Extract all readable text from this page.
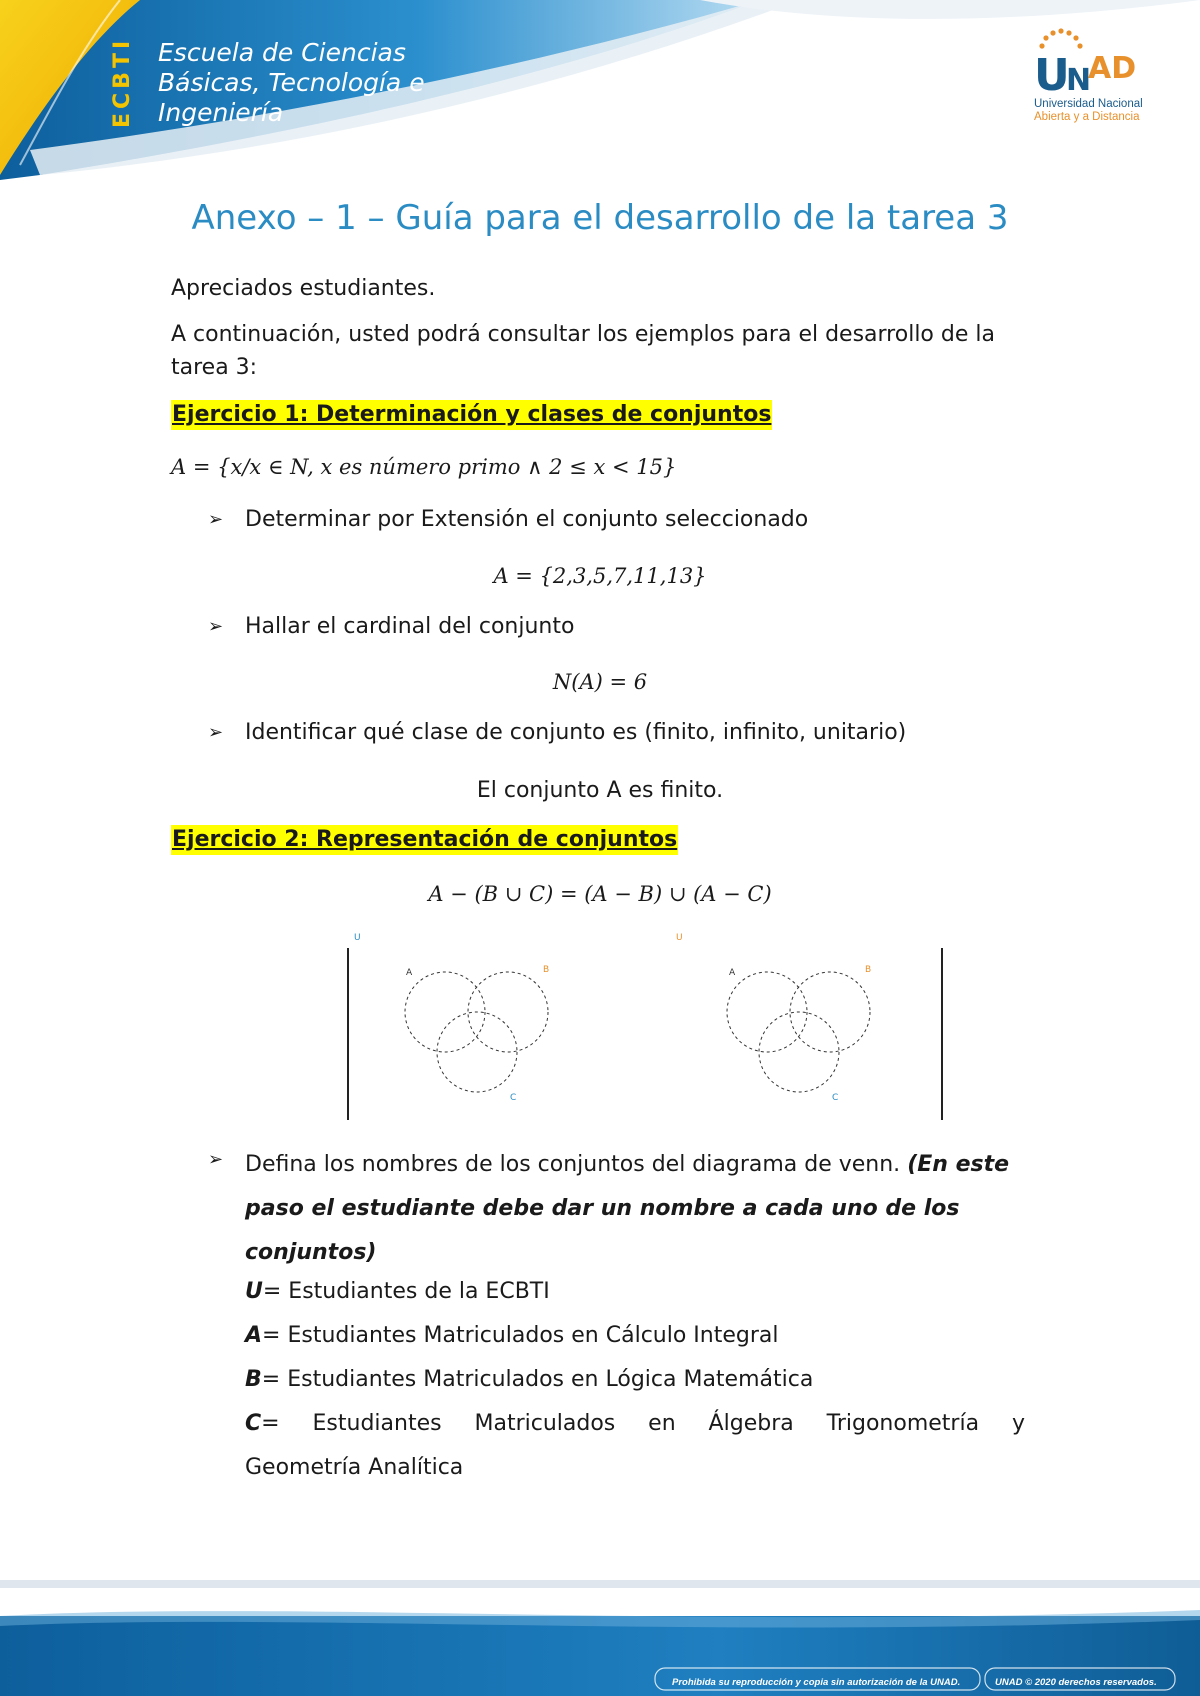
ECBTI Escuela de Ciencias
Básicas, Tecnología e
Ingeniería
U
N
AD
Universidad Nacional
Abierta y a Distancia
Anexo – 1 – Guía para el desarrollo de la tarea 3
Apreciados estudiantes.
A continuación, usted podrá consultar los ejemplos para el desarrollo de la tarea 3:
Ejercicio 1: Determinación y clases de conjuntos
A = {x/x ∈ N, x es número primo ∧ 2 ≤ x < 15}
➢ Determinar por Extensión el conjunto seleccionado
A = {2,3,5,7,11,13}
➢ Hallar el cardinal del conjunto
N(A) = 6
➢ Identificar qué clase de conjunto es (finito, infinito, unitario)
El conjunto A es finito.
Ejercicio 2: Representación de conjuntos
A − (B ∪ C) = (A − B) ∪ (A − C)
U
A	B
C
U
A	B
C
➢ Defina los nombres de los conjuntos del diagrama de venn. (En este paso el estudiante debe dar un nombre a cada uno de los conjuntos)
U= Estudiantes de la ECBTI
A= Estudiantes Matriculados en Cálculo Integral
B= Estudiantes Matriculados en Lógica Matemática
C= Estudiantes Matriculados en Álgebra Trigonometría y
Geometría Analítica
Prohibida su reproducción y copia sin autorización de la UNAD.	UNAD © 2020 derechos reservados.
